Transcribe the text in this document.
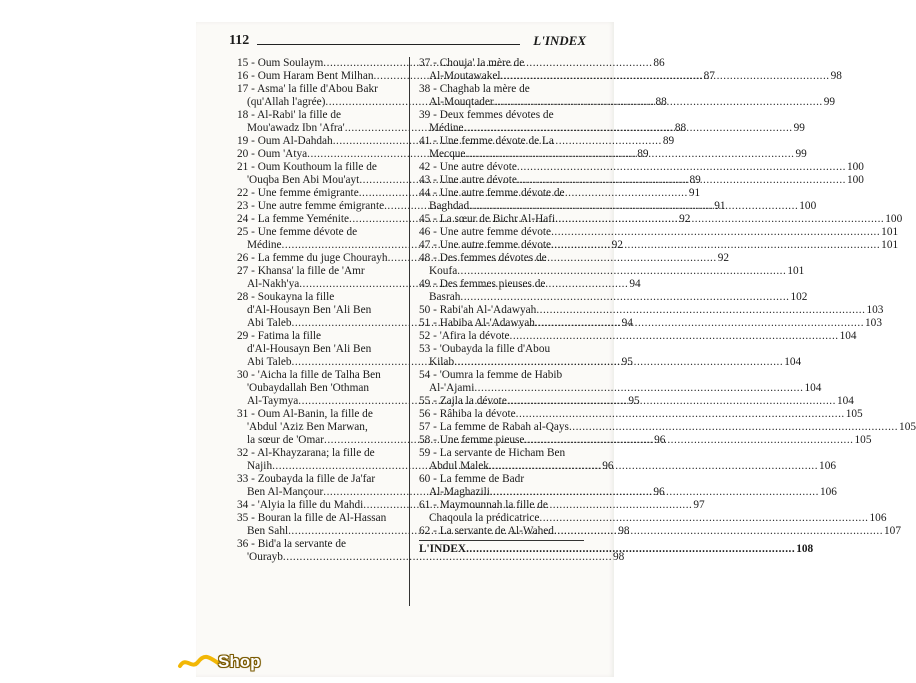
112	L'INDEX
15 - Oum Soulaym .....	86
16 - Oum Haram Bent Milhan .....	87
17 - Asma' la fille d'Abou Bakr
(qu'Allah l'agrée) .....	88
18 - Al-Rabi' la fille de
Mou'awadz Ibn 'Afra' .....	88
19 - Oum Al-Dahdah .....	89
20 - Oum 'Atya .....	89
21 - Oum Kouthoum la fille de
'Ouqba Ben Abi Mou'ayt .....	89
22 - Une femme émigrante .....	91
23 - Une autre femme émigrante .....	91
24 - La femme Yeménite .....	92
25 - Une femme dévote de
Médine .....	92
26 - La femme du juge Chourayh .....	92
27 - Khansa' la fille de 'Amr
Al-Nakh'ya .....	94
28 - Soukayna la fille
d'Al-Housayn Ben 'Ali Ben
Abi Taleb .....	94
29 - Fatima la fille
d'Al-Housayn Ben 'Ali Ben
Abi Taleb .....	95
30 - 'Aicha la fille de Talha Ben
'Oubaydallah Ben 'Othman
Al-Taymya .....	95
31 - Oum Al-Banin, la fille de
'Abdul 'Aziz Ben Marwan,
la sœur de 'Omar .....	96
32 - Al-Khayzarana; la fille de
Najih .....	96
33 - Zoubayda la fille de Ja'far
Ben Al-Mançour .....	96
34 - 'Alyia la fille du Mahdi .....	97
35 - Bouran la fille de Al-Hassan
Ben Sahl .....	98
36 - Bid'a la servante de
'Ourayb .....	98
37 - Chouja' la mère de
Al-Moutawakel .....	98
38 - Chaghab la mère de
Al-Mouqtader .....	99
39 - Deux femmes dévotes de
Médine .....	99
41 - Une femme dévote de La
Mecque .....	99
42 - Une autre dévote .....	100
43 - Une autre dévote .....	100
44 - Une autre femme dévote de
Baghdad .....	100
45 - La sœur de Bichr Al-Hafi .....	100
46 - Une autre femme dévote .....	101
47 - Une autre femme dévote .....	101
48 - Des femmes dévotes de
Koufa .....	101
49 - Des femmes pieuses de
Basrah .....	102
50 - Rabi'ah Al-'Adawyah .....	103
51 - Habiba Al-'Adawyah .....	103
52 - 'Afira la dévote .....	104
53 - 'Oubayda la fille d'Abou
Kilab .....	104
54 - 'Oumra la femme de Habib
Al-'Ajami .....	104
55 - Zajla la dévote .....	104
56 - Râhiba la dévote .....	105
57 - La femme de Rabah al-Qays .....	105
58 - Une femme pieuse .....	105
59 - La servante de Hicham Ben
Abdul Malek .....	106
60 - La femme de Badr
Al-Maghazili .....	106
61 - Maymounnah la fille de
Chaqoula la prédicatrice .....	106
62 - La servante de Al-Wahed .....	107
L'INDEX .....	108
Shop
